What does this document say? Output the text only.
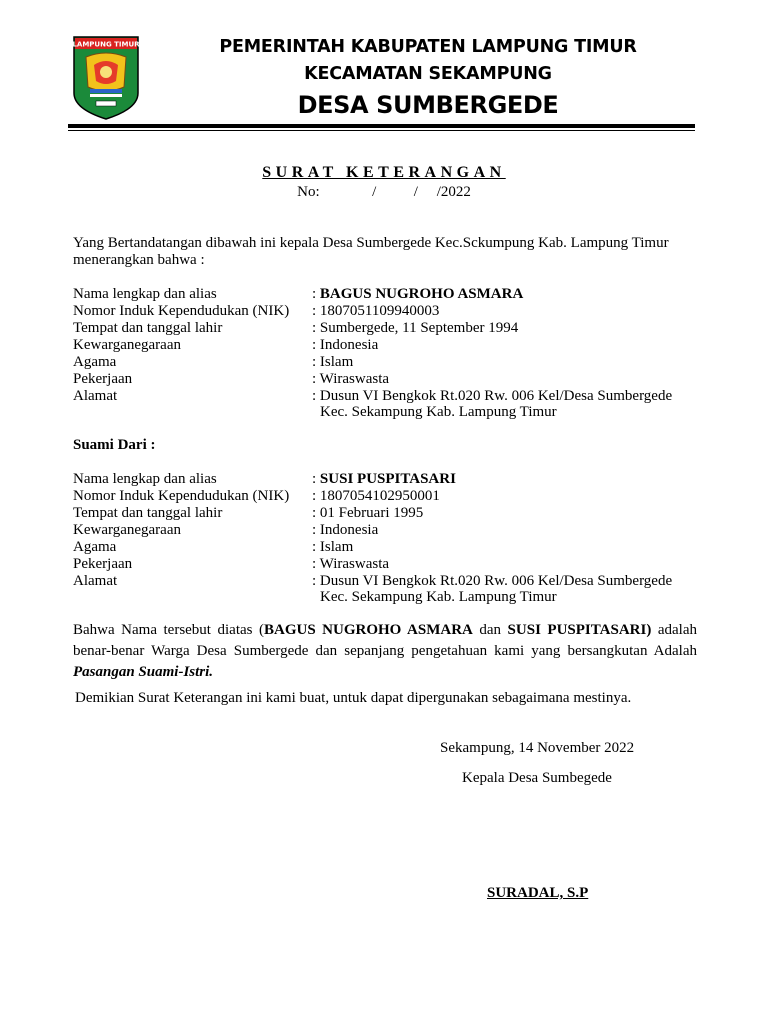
LAMPUNG TIMUR	PEMERINTAH KABUPATEN LAMPUNG TIMUR
KECAMATAN SEKAMPUNG
DESA SUMBERGEDE
SURAT KETERANGAN
No:              /          /     /2022
Yang Bertandatangan dibawah ini kepala Desa Sumbergede Kec.Sckumpung Kab. Lampung Timur
menerangkan bahwa :
Nama lengkap dan alias	: BAGUS NUGROHO ASMARA
Nomor Induk Kependudukan (NIK) : 1807051109940003
Tempat dan tanggal lahir	: Sumbergede, 11 September 1994
Kewarganegaraan	: Indonesia
Agama	: Islam
Pekerjaan	: Wiraswasta
Alamat	: Dusun VI Bengkok Rt.020 Rw. 006 Kel/Desa Sumbergede
Kec. Sekampung Kab. Lampung Timur
Suami Dari :
Nama lengkap dan alias	: SUSI PUSPITASARI
Nomor Induk Kependudukan (NIK) : 1807054102950001
Tempat dan tanggal lahir	: 01 Februari 1995
Kewarganegaraan	: Indonesia
Agama	: Islam
Pekerjaan	: Wiraswasta
Alamat	: Dusun VI Bengkok Rt.020 Rw. 006 Kel/Desa Sumbergede
Kec. Sekampung Kab. Lampung Timur
Bahwa Nama tersebut diatas (BAGUS NUGROHO ASMARA dan SUSI PUSPITASARI) adalah benar-benar Warga Desa Sumbergede dan sepanjang pengetahuan kami yang bersangkutan Adalah Pasangan Suami-Istri.
Demikian Surat Keterangan ini kami buat, untuk dapat dipergunakan sebagaimana mestinya.
Sekampung, 14 November 2022
Kepala Desa Sumbegede
SURADAL, S.P
